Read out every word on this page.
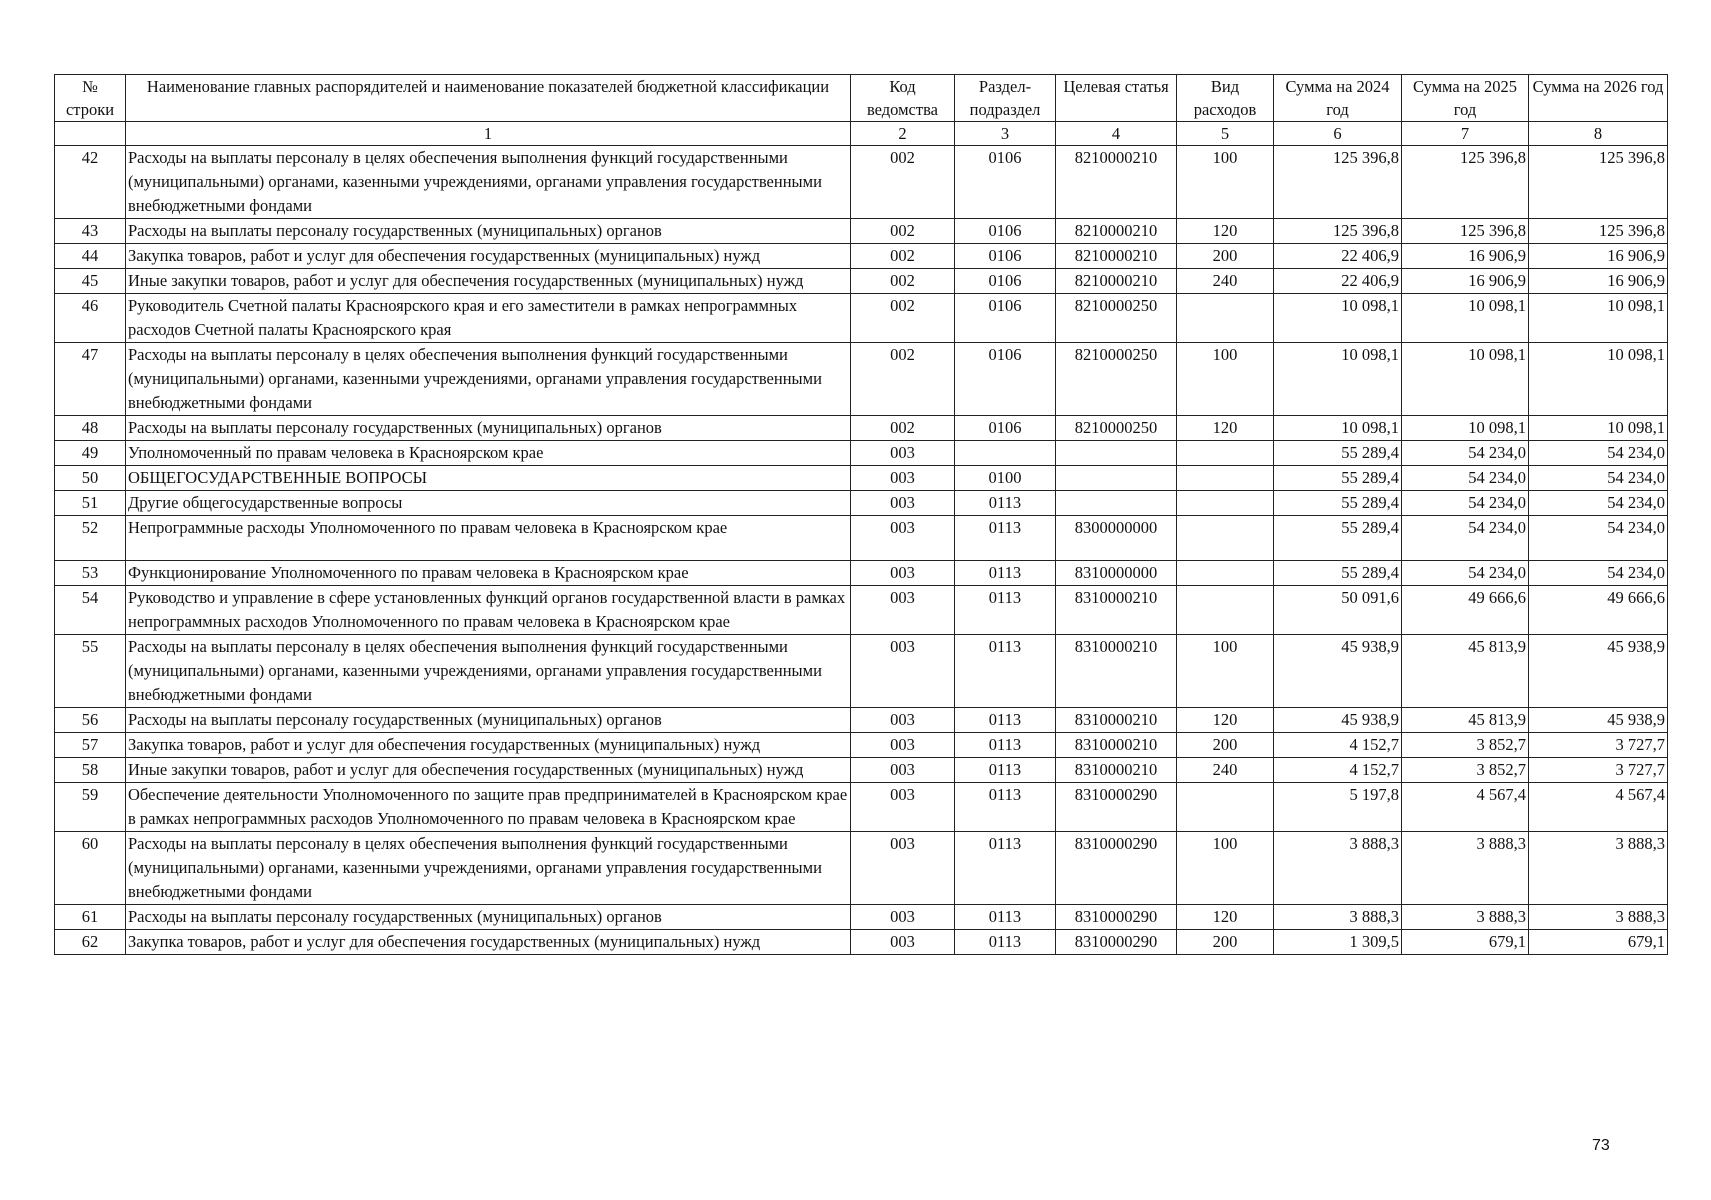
№ строки	Наименование главных распорядителей и наименование показателей бюджетной классификации	Код ведомства	Раздел-подраздел	Целевая статья	Вид расходов	Сумма на 2024 год	Сумма на 2025 год	Сумма на 2026 год
	1	2	3	4	5	6	7	8
42	Расходы на выплаты персоналу в целях обеспечения выполнения функций государственными (муниципальными) органами, казенными учреждениями, органами управления государственными внебюджетными фондами	002	0106	8210000210	100	125 396,8	125 396,8	125 396,8
43	Расходы на выплаты персоналу государственных (муниципальных) органов	002	0106	8210000210	120	125 396,8	125 396,8	125 396,8
44	Закупка товаров, работ и услуг для обеспечения государственных (муниципальных) нужд	002	0106	8210000210	200	22 406,9	16 906,9	16 906,9
45	Иные закупки товаров, работ и услуг для обеспечения государственных (муниципальных) нужд	002	0106	8210000210	240	22 406,9	16 906,9	16 906,9
46	Руководитель Счетной палаты Красноярского края и его заместители в рамках непрограммных расходов Счетной палаты Красноярского края	002	0106	8210000250		10 098,1	10 098,1	10 098,1
47	Расходы на выплаты персоналу в целях обеспечения выполнения функций государственными (муниципальными) органами, казенными учреждениями, органами управления государственными внебюджетными фондами	002	0106	8210000250	100	10 098,1	10 098,1	10 098,1
48	Расходы на выплаты персоналу государственных (муниципальных) органов	002	0106	8210000250	120	10 098,1	10 098,1	10 098,1
49	Уполномоченный по правам человека в Красноярском крае	003				55 289,4	54 234,0	54 234,0
50	ОБЩЕГОСУДАРСТВЕННЫЕ ВОПРОСЫ	003	0100			55 289,4	54 234,0	54 234,0
51	Другие общегосударственные вопросы	003	0113			55 289,4	54 234,0	54 234,0
52	Непрограммные расходы Уполномоченного по правам человека в Красноярском крае	003	0113	8300000000		55 289,4	54 234,0	54 234,0
53	Функционирование Уполномоченного по правам человека в Красноярском крае	003	0113	8310000000		55 289,4	54 234,0	54 234,0
54	Руководство и управление в сфере установленных функций органов государственной власти в рамках непрограммных расходов Уполномоченного по правам человека в Красноярском крае	003	0113	8310000210		50 091,6	49 666,6	49 666,6
55	Расходы на выплаты персоналу в целях обеспечения выполнения функций государственными (муниципальными) органами, казенными учреждениями, органами управления государственными внебюджетными фондами	003	0113	8310000210	100	45 938,9	45 813,9	45 938,9
56	Расходы на выплаты персоналу государственных (муниципальных) органов	003	0113	8310000210	120	45 938,9	45 813,9	45 938,9
57	Закупка товаров, работ и услуг для обеспечения государственных (муниципальных) нужд	003	0113	8310000210	200	4 152,7	3 852,7	3 727,7
58	Иные закупки товаров, работ и услуг для обеспечения государственных (муниципальных) нужд	003	0113	8310000210	240	4 152,7	3 852,7	3 727,7
59	Обеспечение деятельности Уполномоченного по защите прав предпринимателей в Красноярском крае в рамках непрограммных расходов Уполномоченного по правам человека в Красноярском крае	003	0113	8310000290		5 197,8	4 567,4	4 567,4
60	Расходы на выплаты персоналу в целях обеспечения выполнения функций государственными (муниципальными) органами, казенными учреждениями, органами управления государственными внебюджетными фондами	003	0113	8310000290	100	3 888,3	3 888,3	3 888,3
61	Расходы на выплаты персоналу государственных (муниципальных) органов	003	0113	8310000290	120	3 888,3	3 888,3	3 888,3
62	Закупка товаров, работ и услуг для обеспечения государственных (муниципальных) нужд	003	0113	8310000290	200	1 309,5	679,1	679,1
73
